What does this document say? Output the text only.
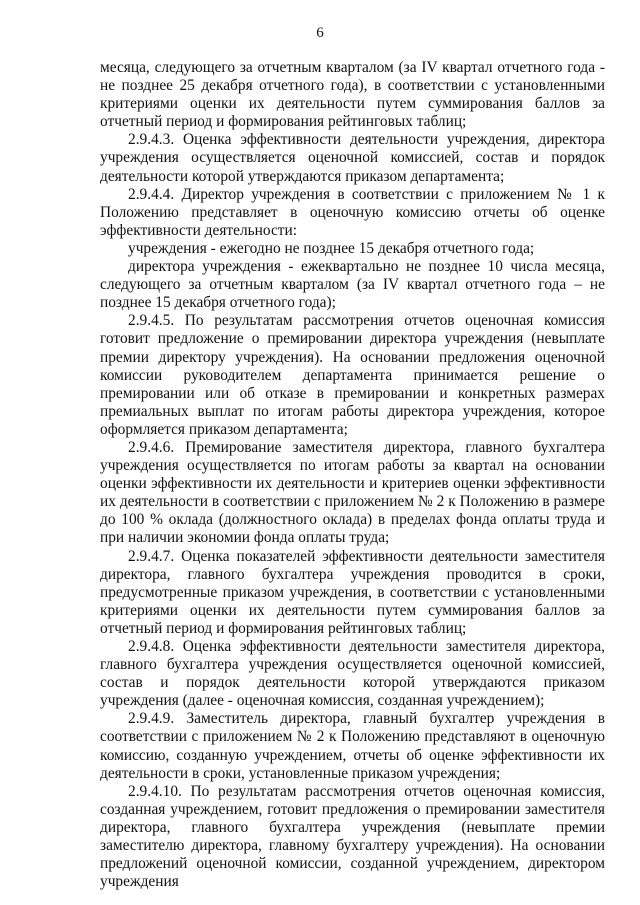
6

месяца, следующего за отчетным кварталом (за IV квартал отчетного года - не позднее 25 декабря отчетного года), в соответствии с установленными критериями оценки их деятельности путем суммирования баллов за отчетный период и формирования рейтинговых таблиц;

2.9.4.3. Оценка эффективности деятельности учреждения, директора учреждения осуществляется оценочной комиссией, состав и порядок деятельности которой утверждаются приказом департамента;

2.9.4.4. Директор учреждения в соответствии с приложением № 1 к Положению представляет в оценочную комиссию отчеты об оценке эффективности деятельности:

учреждения - ежегодно не позднее 15 декабря отчетного года;

директора учреждения - ежеквартально не позднее 10 числа месяца, следующего за отчетным кварталом (за IV квартал отчетного года – не позднее 15 декабря отчетного года);

2.9.4.5. По результатам рассмотрения отчетов оценочная комиссия готовит предложение о премировании директора учреждения (невыплате премии директору учреждения). На основании предложения оценочной комиссии руководителем департамента принимается решение о премировании или об отказе в премировании и конкретных размерах премиальных выплат по итогам работы директора учреждения, которое оформляется приказом департамента;

2.9.4.6. Премирование заместителя директора, главного бухгалтера учреждения осуществляется по итогам работы за квартал на основании оценки эффективности их деятельности и критериев оценки эффективности их деятельности в соответствии с приложением № 2 к Положению в размере до 100 % оклада (должностного оклада) в пределах фонда оплаты труда и при наличии экономии фонда оплаты труда;

2.9.4.7. Оценка показателей эффективности деятельности заместителя директора, главного бухгалтера учреждения проводится в сроки, предусмотренные приказом учреждения, в соответствии с установленными критериями оценки их деятельности путем суммирования баллов за отчетный период и формирования рейтинговых таблиц;

2.9.4.8. Оценка эффективности деятельности заместителя директора, главного бухгалтера учреждения осуществляется оценочной комиссией, состав и порядок деятельности которой утверждаются приказом учреждения (далее - оценочная комиссия, созданная учреждением);

2.9.4.9. Заместитель директора, главный бухгалтер учреждения в соответствии с приложением № 2 к Положению представляют в оценочную комиссию, созданную учреждением, отчеты об оценке эффективности их деятельности в сроки, установленные приказом учреждения;

2.9.4.10. По результатам рассмотрения отчетов оценочная комиссия, созданная учреждением, готовит предложения о премировании заместителя директора, главного бухгалтера учреждения (невыплате премии заместителю директора, главному бухгалтеру учреждения). На основании предложений оценочной комиссии, созданной учреждением, директором учреждения
